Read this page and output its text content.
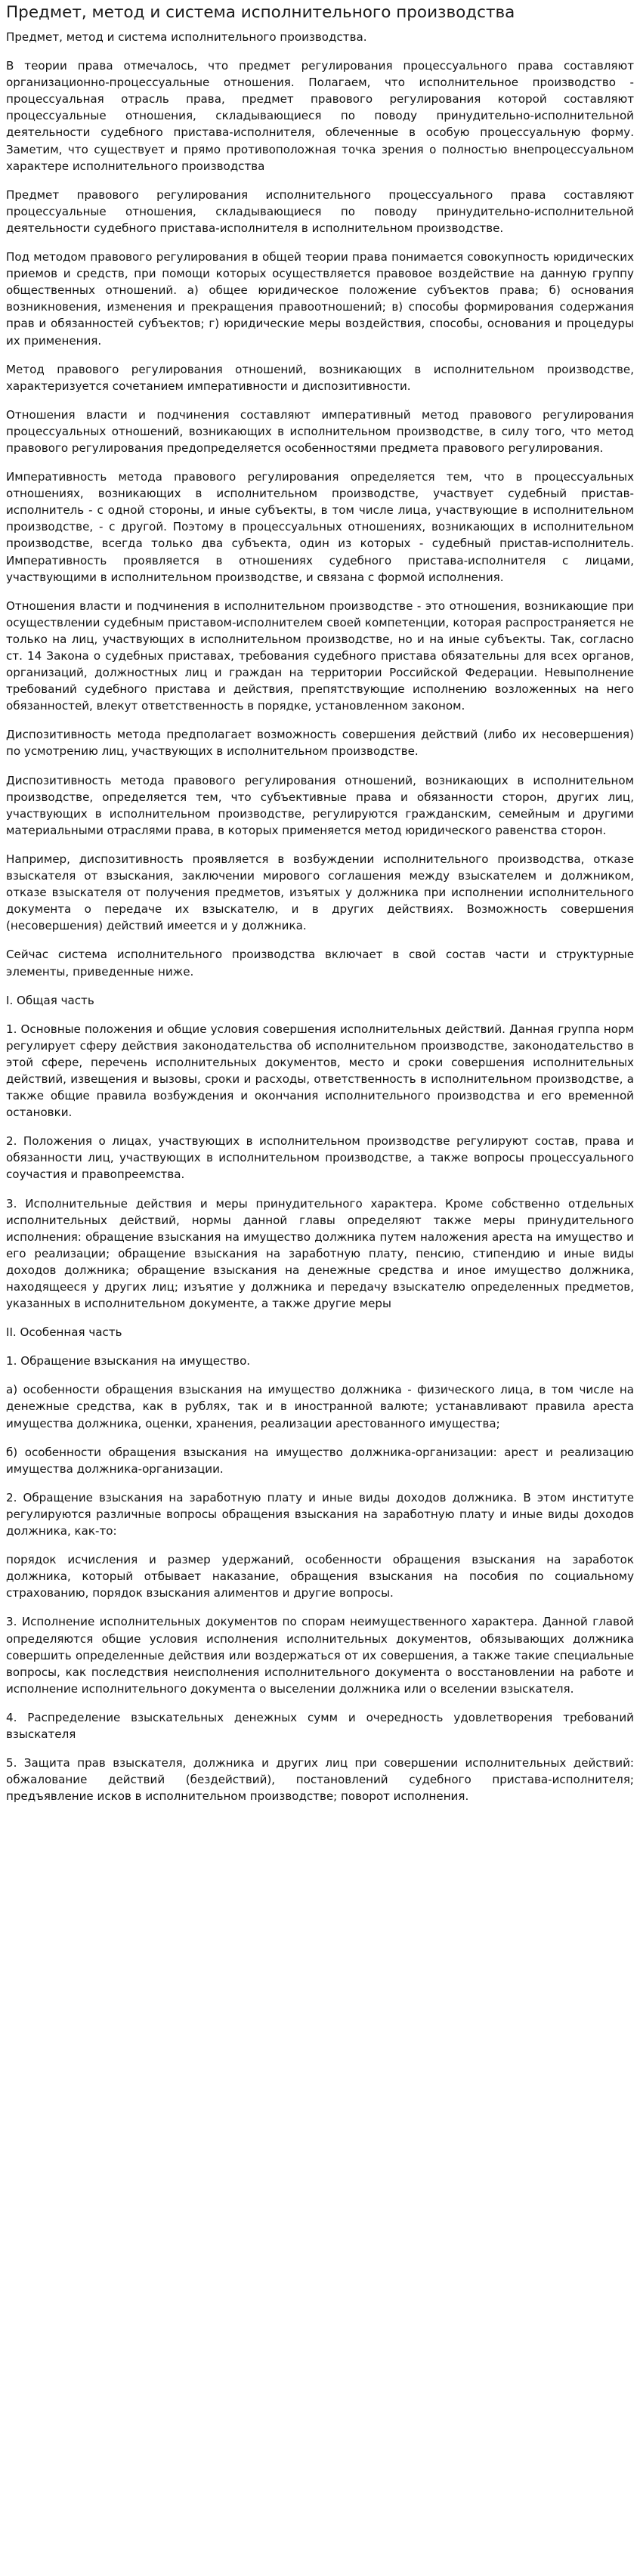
Предмет, метод и система исполнительного производства

Предмет, метод и система исполнительного производства.

В теории права отмечалось, что предмет регулирования процессуального права составляют организационно-процессуальные отношения. Полагаем, что исполнительное производство - процессуальная отрасль права, предмет правового регулирования которой составляют процессуальные отношения, складывающиеся по поводу принудительно-исполнительной деятельности судебного пристава-исполнителя, облеченные в особую процессуальную форму. Заметим, что существует и прямо противоположная точка зрения о полностью внепроцессуальном характере исполнительного производства

Предмет правового регулирования исполнительного процессуального права составляют процессуальные отношения, складывающиеся по поводу принудительно-исполнительной деятельности судебного пристава-исполнителя в исполнительном производстве.

Под методом правового регулирования в общей теории права понимается совокупность юридических приемов и средств, при помощи которых осуществляется правовое воздействие на данную группу общественных отношений. а) общее юридическое положение субъектов права; б) основания возникновения, изменения и прекращения правоотношений; в) способы формирования содержания прав и обязанностей субъектов; г) юридические меры воздействия, способы, основания и процедуры их применения.

Метод правового регулирования отношений, возникающих в исполнительном производстве, характеризуется сочетанием императивности и диспозитивности.

Отношения власти и подчинения составляют императивный метод правового регулирования процессуальных отношений, возникающих в исполнительном производстве, в силу того, что метод правового регулирования предопределяется особенностями предмета правового регулирования.

Императивность метода правового регулирования определяется тем, что в процессуальных отношениях, возникающих в исполнительном производстве, участвует судебный пристав-исполнитель - с одной стороны, и иные субъекты, в том числе лица, участвующие в исполнительном производстве, - с другой. Поэтому в процессуальных отношениях, возникающих в исполнительном производстве, всегда только два субъекта, один из которых - судебный пристав-исполнитель. Императивность проявляется в отношениях судебного пристава-исполнителя с лицами, участвующими в исполнительном производстве, и связана с формой исполнения.

Отношения власти и подчинения в исполнительном производстве - это отношения, возникающие при осуществлении судебным приставом-исполнителем своей компетенции, которая распространяется не только на лиц, участвующих в исполнительном производстве, но и на иные субъекты. Так, согласно ст. 14 Закона о судебных приставах, требования судебного пристава обязательны для всех органов, организаций, должностных лиц и граждан на территории Российской Федерации. Невыполнение требований судебного пристава и действия, препятствующие исполнению возложенных на него обязанностей, влекут ответственность в порядке, установленном законом.

Диспозитивность метода предполагает возможность совершения действий (либо их несовершения) по усмотрению лиц, участвующих в исполнительном производстве.

Диспозитивность метода правового регулирования отношений, возникающих в исполнительном производстве, определяется тем, что субъективные права и обязанности сторон, других лиц, участвующих в исполнительном производстве, регулируются гражданским, семейным и другими материальными отраслями права, в которых применяется метод юридического равенства сторон.

Например, диспозитивность проявляется в возбуждении исполнительного производства, отказе взыскателя от взыскания, заключении мирового соглашения между взыскателем и должником, отказе взыскателя от получения предметов, изъятых у должника при исполнении исполнительного документа о передаче их взыскателю, и в других действиях. Возможность совершения (несовершения) действий имеется и у должника.

Сейчас система исполнительного производства включает в свой состав части и структурные элементы, приведенные ниже.

I. Общая часть

1. Основные положения и общие условия совершения исполнительных действий. Данная группа норм регулирует сферу действия законодательства об исполнительном производстве, законодательство в этой сфере, перечень исполнительных документов, место и сроки совершения исполнительных действий, извещения и вызовы, сроки и расходы, ответственность в исполнительном производстве, а также общие правила возбуждения и окончания исполнительного производства и его временной остановки.

2. Положения о лицах, участвующих в исполнительном производстве регулируют состав, права и обязанности лиц, участвующих в исполнительном производстве, а также вопросы процессуального соучастия и правопреемства.

3. Исполнительные действия и меры принудительного характера. Кроме собственно отдельных исполнительных действий, нормы данной главы определяют также меры принудительного исполнения: обращение взыскания на имущество должника путем наложения ареста на имущество и его реализации; обращение взыскания на заработную плату, пенсию, стипендию и иные виды доходов должника; обращение взыскания на денежные средства и иное имущество должника, находящееся у других лиц; изъятие у должника и передачу взыскателю определенных предметов, указанных в исполнительном документе, а также другие меры

II. Особенная часть

1. Обращение взыскания на имущество.

а) особенности обращения взыскания на имущество должника - физического лица, в том числе на денежные средства, как в рублях, так и в иностранной валюте; устанавливают правила ареста имущества должника, оценки, хранения, реализации арестованного имущества;

б) особенности обращения взыскания на имущество должника-организации: арест и реализацию имущества должника-организации.

2. Обращение взыскания на заработную плату и иные виды доходов должника. В этом институте регулируются различные вопросы обращения взыскания на заработную плату и иные виды доходов должника, как-то:

порядок исчисления и размер удержаний, особенности обращения взыскания на заработок должника, который отбывает наказание, обращения взыскания на пособия по социальному страхованию, порядок взыскания алиментов и другие вопросы.

3. Исполнение исполнительных документов по спорам неимущественного характера. Данной главой определяются общие условия исполнения исполнительных документов, обязывающих должника совершить определенные действия или воздержаться от их совершения, а также такие специальные вопросы, как последствия неисполнения исполнительного документа о восстановлении на работе и исполнение исполнительного документа о выселении должника или о вселении взыскателя.

4. Распределение взыскательных денежных сумм и очередность удовлетворения требований взыскателя

5. Защита прав взыскателя, должника и других лиц при совершении исполнительных действий: обжалование действий (бездействий), постановлений судебного пристава-исполнителя; предъявление исков в исполнительном производстве; поворот исполнения.
